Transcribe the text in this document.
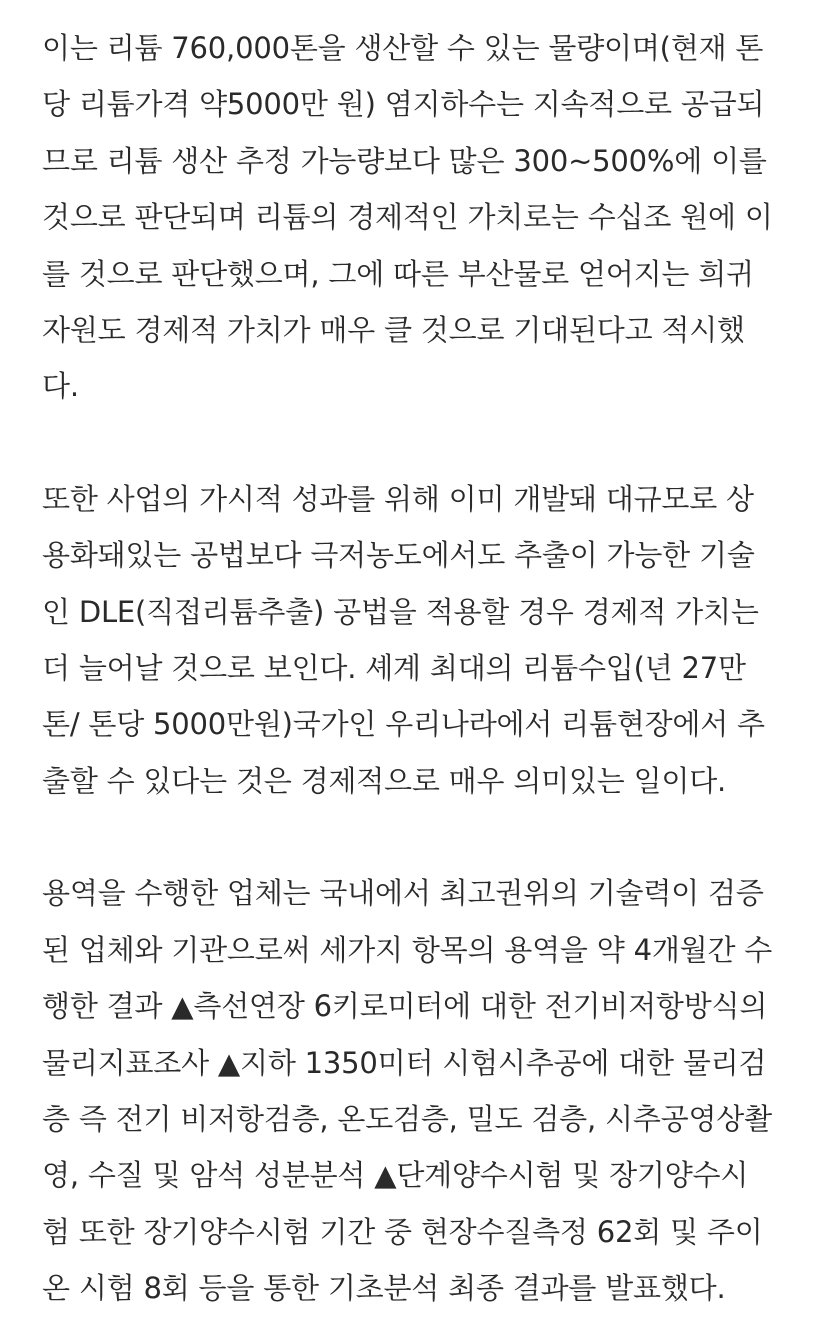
이는 리튬 760,000톤을 생산할 수 있는 물량이며(현재 톤
당 리튬가격 약5000만 원) 염지하수는 지속적으로 공급되
므로 리튬 생산 추정 가능량보다 많은 300~500%에 이를
것으로 판단되며 리튬의 경제적인 가치로는 수십조 원에 이
를 것으로 판단했으며, 그에 따른 부산물로 얻어지는 희귀
자원도 경제적 가치가 매우 클 것으로 기대된다고 적시했
다.

또한 사업의 가시적 성과를 위해 이미 개발돼 대규모로 상
용화돼있는 공법보다 극저농도에서도 추출이 가능한 기술
인 DLE(직접리튬추출) 공법을 적용할 경우 경제적 가치는
더 늘어날 것으로 보인다. 셰계 최대의 리튬수입(년 27만
톤/ 톤당 5000만원)국가인 우리나라에서 리튬현장에서 추
출할 수 있다는 것은 경제적으로 매우 의미있는 일이다.

용역을 수행한 업체는 국내에서 최고권위의 기술력이 검증
된 업체와 기관으로써 세가지 항목의 용역을 약 4개월간 수
행한 결과 ▲측선연장 6키로미터에 대한 전기비저항방식의
물리지표조사 ▲지하 1350미터 시험시추공에 대한 물리검
층 즉 전기 비저항검층, 온도검층, 밀도 검층, 시추공영상촬
영, 수질 및 암석 성분분석 ▲단계양수시험 및 장기양수시
험 또한 장기양수시험 기간 중 현장수질측정 62회 및 주이
온 시험 8회 등을 통한 기초분석 최종 결과를 발표했다.
